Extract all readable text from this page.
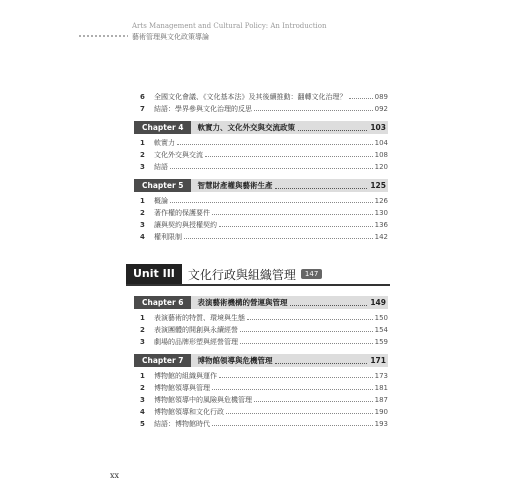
Arts Management and Cultural Policy: An Introduction
藝術管理與文化政策導論
6	全國文化會議、《文化基本法》及其後續推動：翻轉文化治理？	089
7	結語：學界參與文化治理的反思	092
Chapter 4	軟實力、文化外交與交流政策	103
1	軟實力	104
2	文化外交與交流	108
3	結語	120
Chapter 5	智慧財產權與藝術生產	125
1	概論	126
2	著作權的保護要件	130
3	讓與契約與授權契約	136
4	權利限制	142
Unit III	文化行政與組織管理	147
Chapter 6	表演藝術機構的營運與管理	149
1	表演藝術的特質、環境與生態	150
2	表演團體的開創與永續經營	154
3	劇場的品牌形塑與經營管理	159
Chapter 7	博物館領導與危機管理	171
1	博物館的組織與運作	173
2	博物館領導與管理	181
3	博物館領導中的風險與危機管理	187
4	博物館領導和文化行政	190
5	結語：博物館時代	193
xx
